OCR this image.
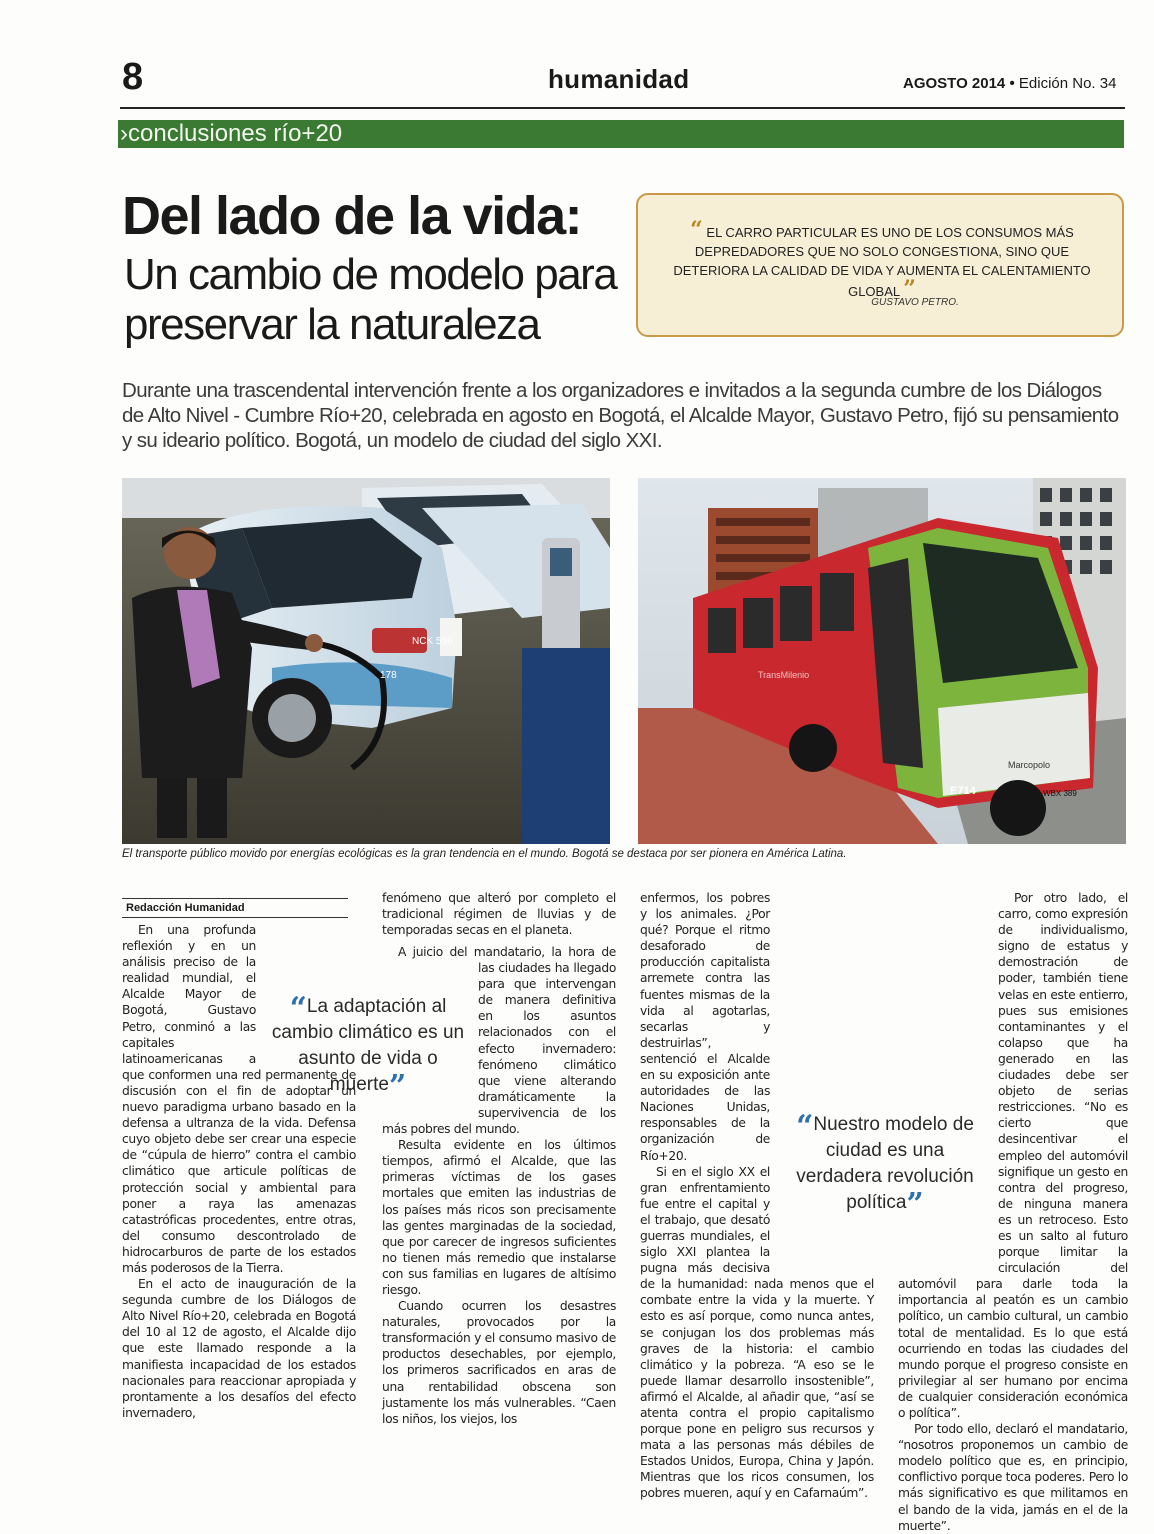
8	humanidad	AGOSTO 2014 • Edición No. 34
›conclusiones río+20
Del lado de la vida:
Un cambio de modelo para preservar la naturaleza
“ EL CARRO PARTICULAR ES UNO DE LOS CONSUMOS MÁS DEPREDADORES QUE NO SOLO CONGESTIONA, SINO QUE DETERIORA LA CALIDAD DE VIDA Y AUMENTA EL CALENTAMIENTO GLOBAL ”
GUSTAVO PETRO.
Durante una trascendental intervención frente a los organizadores e invitados a la segunda cumbre de los Diálogos de Alto Nivel - Cumbre Río+20, celebrada en agosto en Bogotá, el Alcalde Mayor, Gustavo Petro, fijó su pensamiento y su ideario político. Bogotá, un modelo de ciudad del siglo XXI.
NCK 596
178
Marcopolo
E714	WBX 389
TransMilenio
El transporte público movido por energías ecológicas es la gran tendencia en el mundo. Bogotá se destaca por ser pionera en América Latina.
Redacción Humanidad

En una profunda reflexión y en un análisis preciso de la realidad mundial, el Alcalde Mayor de Bogotá, Gustavo Petro, conminó a las capitales latinoamericanas a que conformen una red permanente de discusión con el fin de adoptar un nuevo paradigma urbano basado en la defensa a ultranza de la vida. Defensa cuyo objeto debe ser crear una especie de “cúpula de hierro” contra el cambio climático que articule políticas de protección social y ambiental para poner a raya las amenazas catastróficas procedentes, entre otras, del consumo descontrolado de hidrocarburos de parte de los estados más poderosos de la Tierra.

En el acto de inauguración de la segunda cumbre de los Diálogos de Alto Nivel Río+20, celebrada en Bogotá del 10 al 12 de agosto, el Alcalde dijo que este llamado responde a la manifiesta incapacidad de los estados nacionales para reaccionar apropiada y prontamente a los desafíos del efecto invernadero,

fenómeno que alteró por completo el tradicional régimen de lluvias y de temporadas secas en el planeta.

A juicio del mandatario, la hora de las ciudades ha llegado para que intervengan de manera definitiva en los asuntos relacionados con el efecto invernadero: fenómeno climático que viene alterando dramáticamente la supervivencia de los más pobres del mundo.

Resulta evidente en los últimos tiempos, afirmó el Alcalde, que las primeras víctimas de los gases mortales que emiten las industrias de los países más ricos son precisamente las gentes marginadas de la sociedad, que por carecer de ingresos suficientes no tienen más remedio que instalarse con sus familias en lugares de altísimo riesgo.

Cuando ocurren los desastres naturales, provocados por la transformación y el consumo masivo de productos desechables, por ejemplo, los primeros sacrificados en aras de una rentabilidad obscena son justamente los más vulnerables. “Caen los niños, los viejos, los

“La adaptación al cambio climático es un asunto de vida o muerte”

enfermos, los pobres y los animales. ¿Por qué? Porque el ritmo desaforado de producción capitalista arremete contra las fuentes mismas de la vida al agotarlas, secarlas y destruirlas”, sentenció el Alcalde en su exposición ante autoridades de las Naciones Unidas, responsables de la organización de Río+20.

Si en el siglo XX el gran enfrentamiento fue entre el capital y el trabajo, que desató guerras mundiales, el siglo XXI plantea la pugna más decisiva de la humanidad: nada menos que el combate entre la vida y la muerte. Y esto es así porque, como nunca antes, se conjugan los dos problemas más graves de la historia: el cambio climático y la pobreza. “A eso se le puede llamar desarrollo insostenible”, afirmó el Alcalde, al añadir que, “así se atenta contra el propio capitalismo porque pone en peligro sus recursos y mata a las personas más débiles de Estados Unidos, Europa, China y Japón. Mientras que los ricos consumen, los pobres mueren, aquí y en Cafarnaúm”.

“Nuestro modelo de ciudad es una verdadera revolución política”

Por otro lado, el carro, como expresión de individualismo, signo de estatus y demostración de poder, también tiene velas en este entierro, pues sus emisiones contaminantes y el colapso que ha generado en las ciudades debe ser objeto de serias restricciones. “No es cierto que desincentivar el empleo del automóvil signifique un gesto en contra del progreso, de ninguna manera es un retroceso. Esto es un salto al futuro porque limitar la circulación del automóvil para darle toda la importancia al peatón es un cambio político, un cambio cultural, un cambio total de mentalidad. Es lo que está ocurriendo en todas las ciudades del mundo porque el progreso consiste en privilegiar al ser humano por encima de cualquier consideración económica o política”.

Por todo ello, declaró el mandatario, “nosotros proponemos un cambio de modelo político que es, en principio, conflictivo porque toca poderes. Pero lo más significativo es que militamos en el bando de la vida, jamás en el de la muerte”.
